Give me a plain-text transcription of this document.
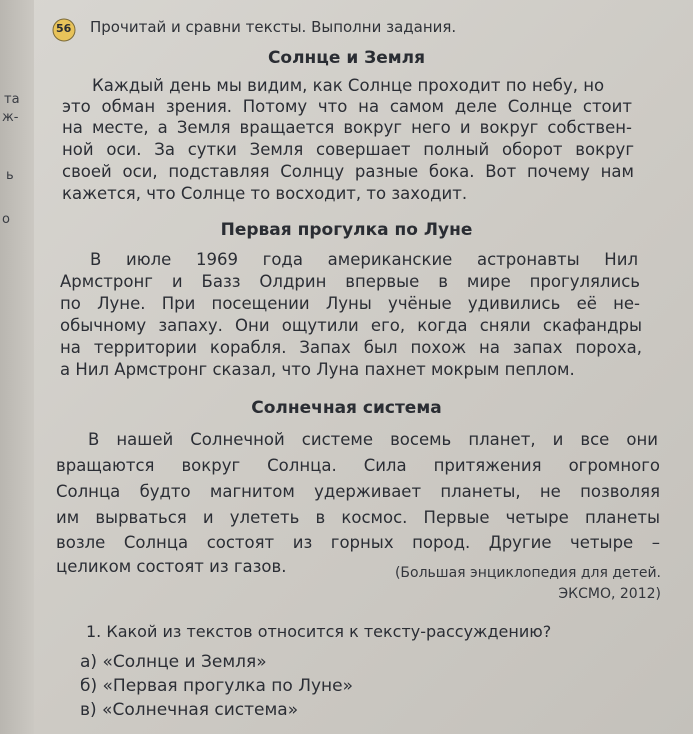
та
ж-
ь
о
56 Прочитай и сравни тексты. Выполни задания.
Солнце и Земля
Каждый день мы видим, как Солнце проходит по небу, но
это обман зрения. Потому что на самом деле Солнце стоит
на месте, а Земля вращается вокруг него и вокруг собствен-
ной оси. За сутки Земля совершает полный оборот вокруг
своей оси, подставляя Солнцу разные бока. Вот почему нам
кажется, что Солнце то восходит, то заходит.
Первая прогулка по Луне
В июле 1969 года американские астронавты Нил
Армстронг и Базз Олдрин впервые в мире прогулялись
по Луне. При посещении Луны учёные удивились её не-
обычному запаху. Они ощутили его, когда сняли скафандры
на территории корабля. Запах был похож на запах пороха,
а Нил Армстронг сказал, что Луна пахнет мокрым пеплом.
Солнечная система
В нашей Солнечной системе восемь планет, и все они
вращаются вокруг Солнца. Сила притяжения огромного
Солнца будто магнитом удерживает планеты, не позволяя
им вырваться и улететь в космос. Первые четыре планеты
возле Солнца состоят из горных пород. Другие четыре –
целиком состоят из газов.	(Большая энциклопедия для детей.
ЭКСМО, 2012)
1. Какой из текстов относится к тексту-рассуждению?
а) «Солнце и Земля»
б) «Первая прогулка по Луне»
в) «Солнечная система»
